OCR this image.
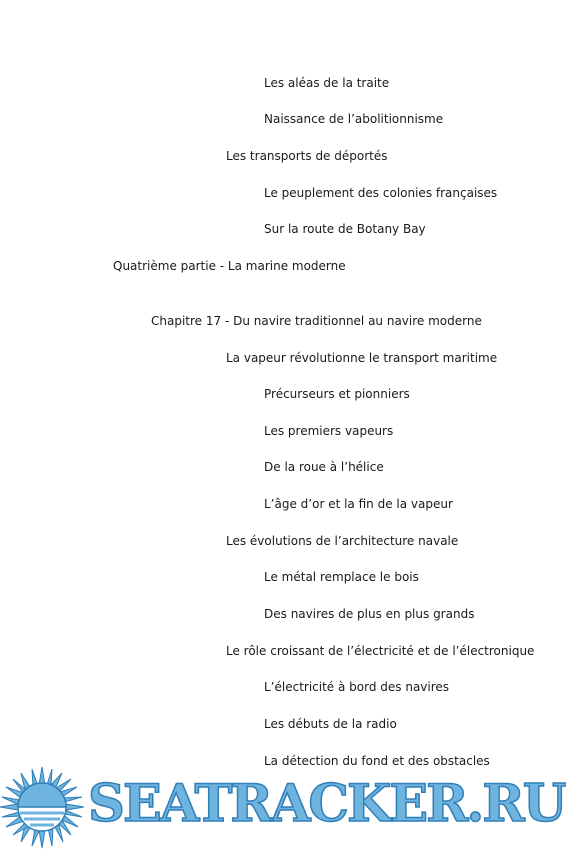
Les aléas de la traite
Naissance de l’abolitionnisme
Les transports de déportés
Le peuplement des colonies françaises
Sur la route de Botany Bay
Quatrième partie - La marine moderne
Chapitre 17 - Du navire traditionnel au navire moderne
La vapeur révolutionne le transport maritime
Précurseurs et pionniers
Les premiers vapeurs
De la roue à l’hélice
L’âge d’or et la fin de la vapeur
Les évolutions de l’architecture navale
Le métal remplace le bois
Des navires de plus en plus grands
Le rôle croissant de l’électricité et de l’électronique
L’électricité à bord des navires
Les débuts de la radio
La détection du fond et des obstacles
SEATRACKER.RU
